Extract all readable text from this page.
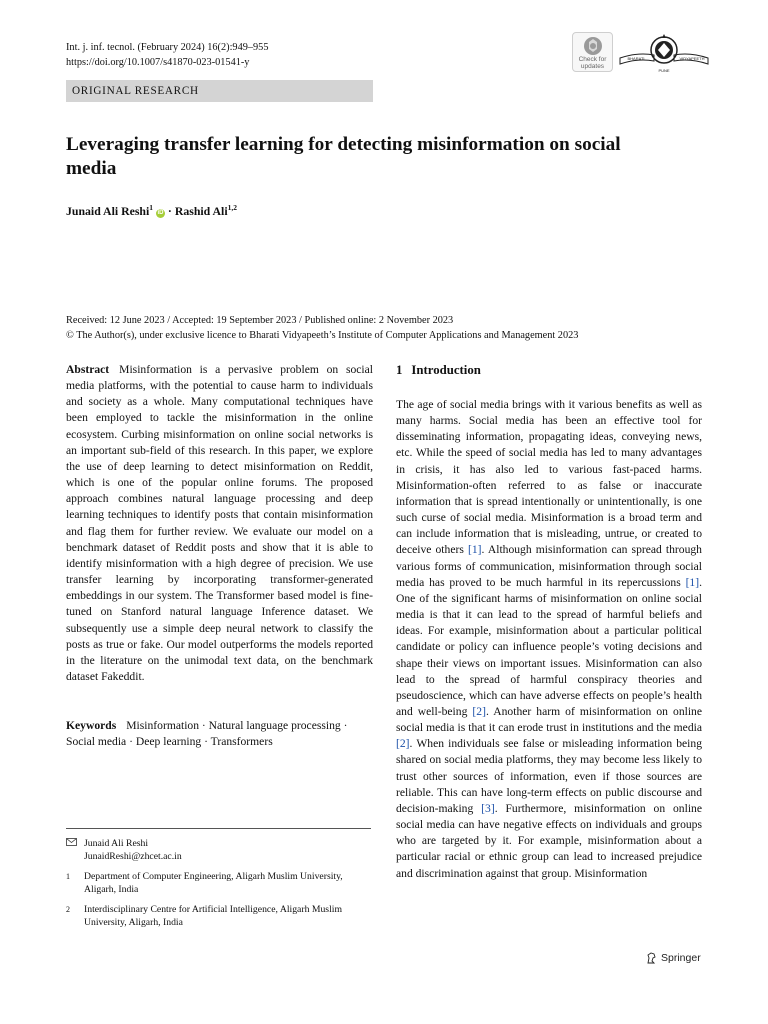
Int. j. inf. tecnol. (February 2024) 16(2):949–955
https://doi.org/10.1007/s41870-023-01541-y	Check for
updates
BHARATI	VIDYAPEETH
PUNE
ORIGINAL RESEARCH
Leveraging transfer learning for detecting misinformation on social media
Junaid Ali Reshi$^1$ iD · Rashid Ali$^{1,2}$
Received: 12 June 2023 / Accepted: 19 September 2023 / Published online: 2 November 2023
© The Author(s), under exclusive licence to Bharati Vidyapeeth’s Institute of Computer Applications and Management 2023
Abstract Misinformation is a pervasive problem on social media platforms, with the potential to cause harm to individuals and society as a whole. Many computational techniques have been employed to tackle the misinformation in the online ecosystem. Curbing misinformation on online social networks is an important sub-field of this research. In this paper, we explore the use of deep learning to detect misinformation on Reddit, which is one of the popular online forums. The proposed approach combines natural language processing and deep learning techniques to identify posts that contain misinformation and flag them for further review. We evaluate our model on a benchmark dataset of Reddit posts and show that it is able to identify misinformation with a high degree of precision. We use transfer learning by incorporating transformer-generated embeddings in our system. The Transformer based model is fine-tuned on Stanford natural language Inference dataset. We subsequently use a simple deep neural network to classify the posts as true or fake. Our model outperforms the models reported in the literature on the unimodal text data, on the benchmark dataset Fakeddit.
Keywords Misinformation · Natural language processing · Social media · Deep learning · Transformers
Junaid Ali Reshi
JunaidReshi@zhcet.ac.in
1	Department of Computer Engineering, Aligarh Muslim University, Aligarh, India
2	Interdisciplinary Centre for Artificial Intelligence, Aligarh Muslim University, Aligarh, India
1 Introduction
The age of social media brings with it various benefits as well as many harms. Social media has been an effective tool for disseminating information, propagating ideas, conveying news, etc. While the speed of social media has led to many advantages in crisis, it has also led to various fast-paced harms. Misinformation-often referred to as false or inaccurate information that is spread intentionally or unintentionally, is one such curse of social media. Misinformation is a broad term and can include information that is misleading, untrue, or created to deceive others [1]. Although misinformation can spread through various forms of communication, misinformation through social media has proved to be much harmful in its repercussions [1]. One of the significant harms of misinformation on online social media is that it can lead to the spread of harmful beliefs and ideas. For example, misinformation about a particular political candidate or policy can influence people’s voting decisions and shape their views on important issues. Misinformation can also lead to the spread of harmful conspiracy theories and pseudoscience, which can have adverse effects on people’s health and well-being [2]. Another harm of misinformation on online social media is that it can erode trust in institutions and the media [2]. When individuals see false or misleading information being shared on social media platforms, they may become less likely to trust other sources of information, even if those sources are reliable. This can have long-term effects on public discourse and decision-making [3]. Furthermore, misinformation on online social media can have negative effects on individuals and groups who are targeted by it. For example, misinformation about a particular racial or ethnic group can lead to increased prejudice and discrimination against that group. Misinformation
Springer
